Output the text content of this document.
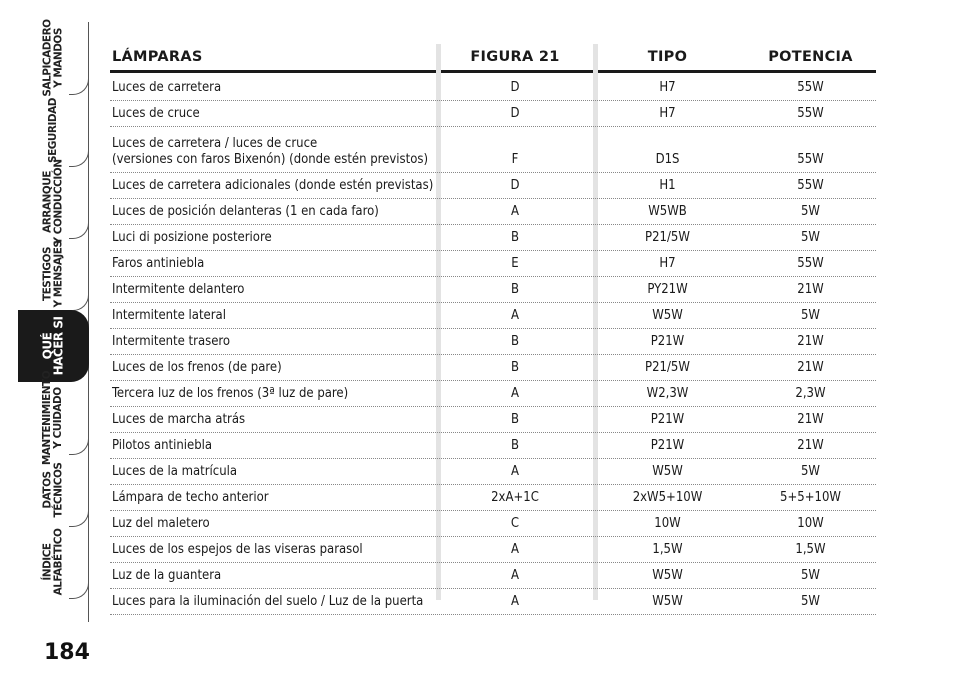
SALPICADERO
Y MANDOS
SEGURIDAD
ARRANQUE
Y CONDUCCIÓN
TESTIGOS
Y MENSAJES
QUÉ
HACER SI
MANTENIMIENTO
Y CUIDADO
DATOS
TÉCNICOS
ÍNDICE
ALFABÉTICO
184
LÁMPARAS	FIGURA 21	TIPO	POTENCIA
Luces de carretera	D	H7	55W
Luces de cruce	D	H7	55W
Luces de carretera / luces de cruce
(versiones con faros Bixenón) (donde estén previstos)	F	D1S	55W
Luces de carretera adicionales (donde estén previstas)	D	H1	55W
Luces de posición delanteras (1 en cada faro)	A	W5WB	5W
Luci di posizione posteriore	B	P21/5W	5W
Faros antiniebla	E	H7	55W
Intermitente delantero	B	PY21W	21W
Intermitente lateral	A	W5W	5W
Intermitente trasero	B	P21W	21W
Luces de los frenos (de pare)	B	P21/5W	21W
Tercera luz de los frenos (3ª luz de pare)	A	W2,3W	2,3W
Luces de marcha atrás	B	P21W	21W
Pilotos antiniebla	B	P21W	21W
Luces de la matrícula	A	W5W	5W
Lámpara de techo anterior	2xA+1C	2xW5+10W	5+5+10W
Luz del maletero	C	10W	10W
Luces de los espejos de las viseras parasol	A	1,5W	1,5W
Luz de la guantera	A	W5W	5W
Luces para la iluminación del suelo / Luz de la puerta	A	W5W	5W
